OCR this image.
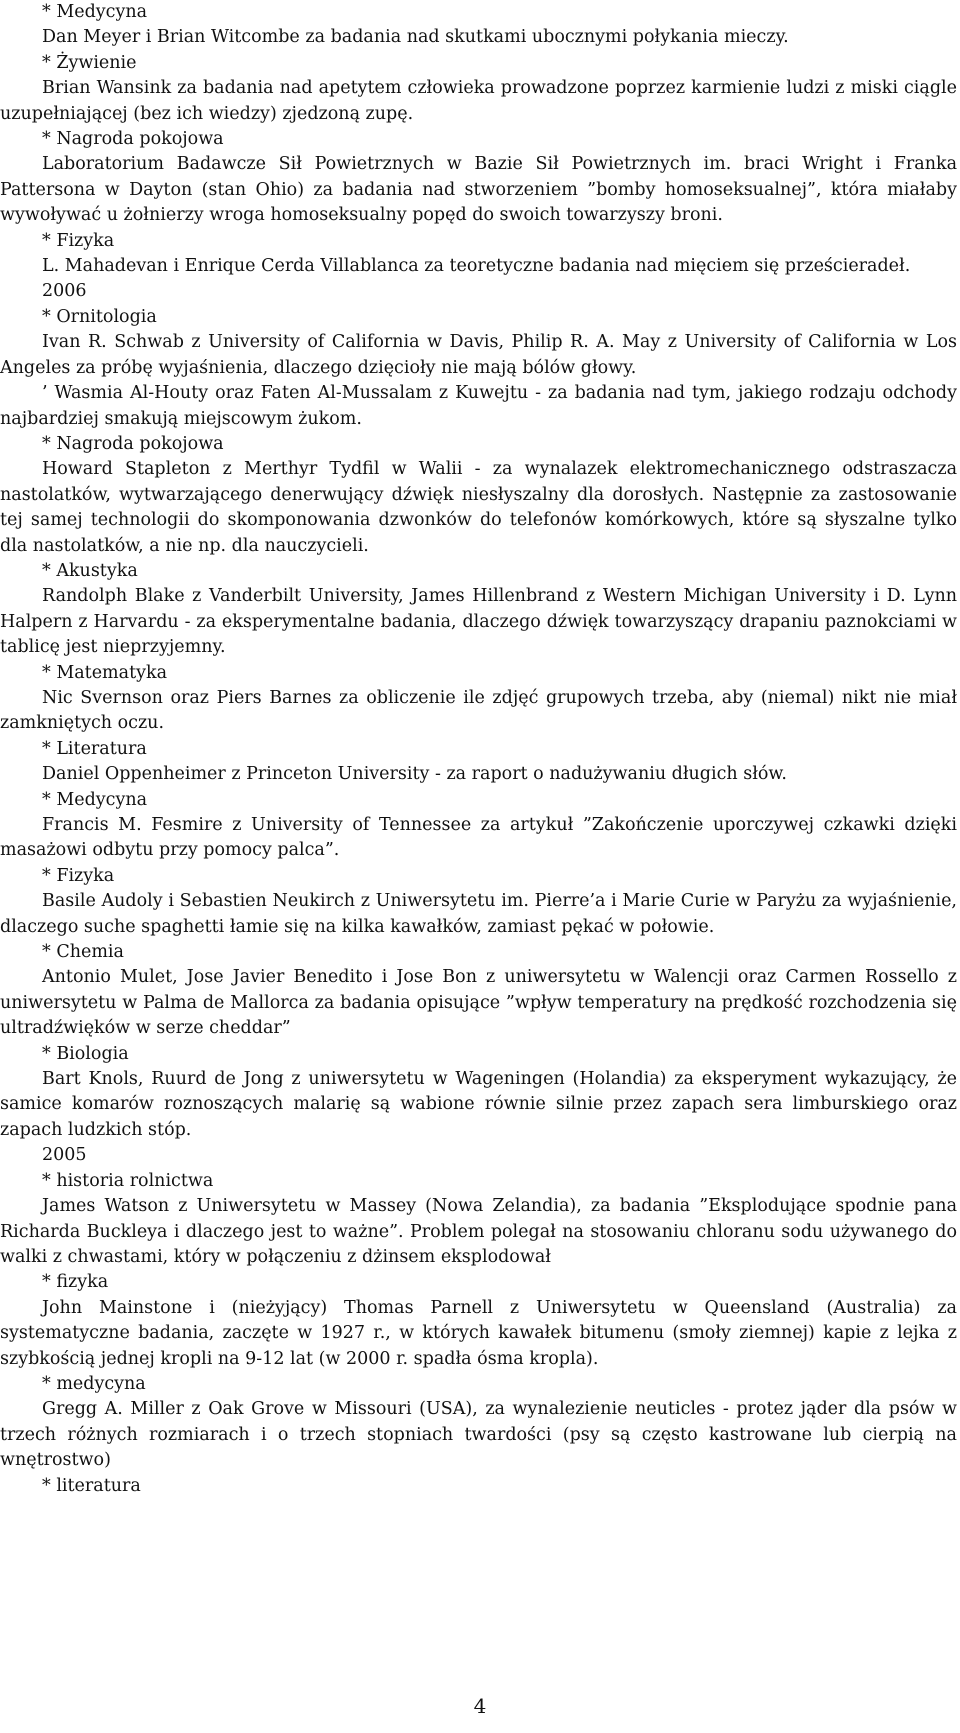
* Medycyna

Dan Meyer i Brian Witcombe za badania nad skutkami ubocznymi połykania mieczy.

* Żywienie

Brian Wansink za badania nad apetytem człowieka prowadzone poprzez karmienie ludzi z miski ciągle uzupełniającej (bez ich wiedzy) zjedzoną zupę.

* Nagroda pokojowa

Laboratorium Badawcze Sił Powietrznych w Bazie Sił Powietrznych im. braci Wright i Franka Pattersona w Dayton (stan Ohio) za badania nad stworzeniem ”bomby homoseksualnej”, która miałaby wywoływać u żołnierzy wroga homoseksualny popęd do swoich towarzyszy broni.

* Fizyka

L. Mahadevan i Enrique Cerda Villablanca za teoretyczne badania nad mięciem się prześcieradeł.

2006

* Ornitologia

Ivan R. Schwab z University of California w Davis, Philip R. A. May z University of California w Los Angeles za próbę wyjaśnienia, dlaczego dzięcioły nie mają bólów głowy.

’ Wasmia Al-Houty oraz Faten Al-Mussalam z Kuwejtu - za badania nad tym, jakiego rodzaju odchody najbardziej smakują miejscowym żukom.

* Nagroda pokojowa

Howard Stapleton z Merthyr Tydfil w Walii - za wynalazek elektromechanicznego odstraszacza nastolatków, wytwarzającego denerwujący dźwięk niesłyszalny dla dorosłych. Następnie za zastosowanie tej samej technologii do skomponowania dzwonków do telefonów komórkowych, które są słyszalne tylko dla nastolatków, a nie np. dla nauczycieli.

* Akustyka

Randolph Blake z Vanderbilt University, James Hillenbrand z Western Michigan University i D. Lynn Halpern z Harvardu - za eksperymentalne badania, dlaczego dźwięk towarzyszący drapaniu paznokciami w tablicę jest nieprzyjemny.

* Matematyka

Nic Svernson oraz Piers Barnes za obliczenie ile zdjęć grupowych trzeba, aby (niemal) nikt nie miał zamkniętych oczu.

* Literatura

Daniel Oppenheimer z Princeton University - za raport o nadużywaniu długich słów.

* Medycyna

Francis M. Fesmire z University of Tennessee za artykuł ”Zakończenie uporczywej czkawki dzięki masażowi odbytu przy pomocy palca”.

* Fizyka

Basile Audoly i Sebastien Neukirch z Uniwersytetu im. Pierre’a i Marie Curie w Paryżu za wyjaśnienie, dlaczego suche spaghetti łamie się na kilka kawałków, zamiast pękać w połowie.

* Chemia

Antonio Mulet, Jose Javier Benedito i Jose Bon z uniwersytetu w Walencji oraz Carmen Rossello z uniwersytetu w Palma de Mallorca za badania opisujące ”wpływ temperatury na prędkość rozchodzenia się ultradźwięków w serze cheddar”

* Biologia

Bart Knols, Ruurd de Jong z uniwersytetu w Wageningen (Holandia) za eksperyment wykazujący, że samice komarów roznoszących malarię są wabione równie silnie przez zapach sera limburskiego oraz zapach ludzkich stóp.

2005

* historia rolnictwa

James Watson z Uniwersytetu w Massey (Nowa Zelandia), za badania ”Eksplodujące spodnie pana Richarda Buckleya i dlaczego jest to ważne”. Problem polegał na stosowaniu chloranu sodu używanego do walki z chwastami, który w połączeniu z dżinsem eksplodował

* fizyka

John Mainstone i (nieżyjący) Thomas Parnell z Uniwersytetu w Queensland (Australia) za systematyczne badania, zaczęte w 1927 r., w których kawałek bitumenu (smoły ziemnej) kapie z lejka z szybkością jednej kropli na 9-12 lat (w 2000 r. spadła ósma kropla).

* medycyna

Gregg A. Miller z Oak Grove w Missouri (USA), za wynalezienie neuticles - protez jąder dla psów w trzech różnych rozmiarach i o trzech stopniach twardości (psy są często kastrowane lub cierpią na wnętrostwo)

* literatura

4
